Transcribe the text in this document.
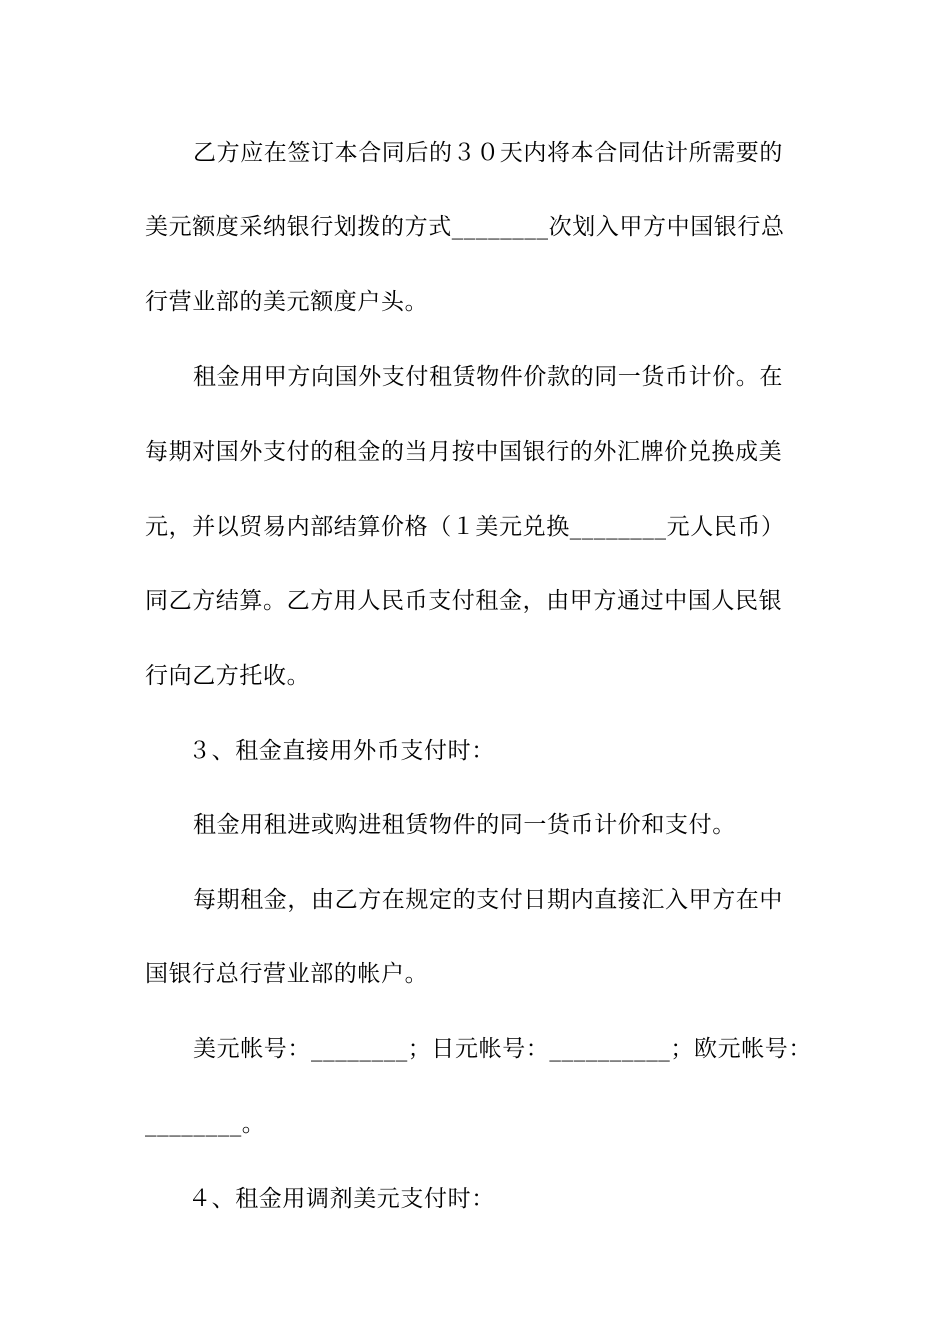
乙方应在签订本合同后的３０天内将本合同估计所需要的
美元额度采纳银行划拨的方式________次划入甲方中国银行总
行营业部的美元额度户头。
租金用甲方向国外支付租赁物件价款的同一货币计价。在
每期对国外支付的租金的当月按中国银行的外汇牌价兑换成美
元，并以贸易内部结算价格（１美元兑换________元人民币）
同乙方结算。乙方用人民币支付租金，由甲方通过中国人民银
行向乙方托收。
３、租金直接用外币支付时：
租金用租进或购进租赁物件的同一货币计价和支付。
每期租金，由乙方在规定的支付日期内直接汇入甲方在中
国银行总行营业部的帐户。
美元帐号：________；日元帐号：__________；欧元帐号：
________。
４、租金用调剂美元支付时：
